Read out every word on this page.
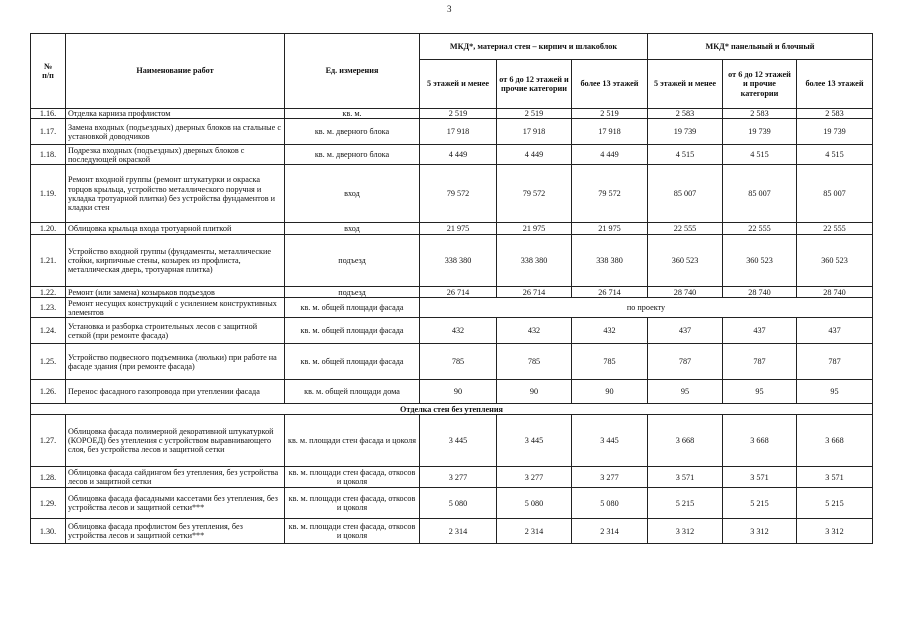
3
№
п/п	Наименование работ	Ед. измерения	МКД*, материал стен – кирпич и шлакоблок			МКД* панельный и блочный		
			5 этажей и менее	от 6 до 12 этажей и прочие категории	более 13 этажей	5 этажей и менее	от 6 до 12 этажей и прочие категории	более 13 этажей
1.16.	Отделка карниза профлистом	кв. м.	2 519	2 519	2 519	2 583	2 583	2 583
1.17.	Замена входных (подъездных) дверных блоков на стальные с установкой доводчиков	кв. м. дверного блока	17 918	17 918	17 918	19 739	19 739	19 739
1.18.	Подрезка входных (подъездных) дверных блоков с последующей окраской	кв. м. дверного блока	4 449	4 449	4 449	4 515	4 515	4 515
1.19.	Ремонт входной группы (ремонт штукатурки и окраска торцов крыльца, устройство металлического поручня и укладка тротуарной плитки) без устройства фундаментов и кладки стен	вход	79 572	79 572	79 572	85 007	85 007	85 007
1.20.	Облицовка крыльца входа тротуарной плиткой	вход	21 975	21 975	21 975	22 555	22 555	22 555
1.21.	Устройство входной группы (фундаменты, металлические стойки, кирпичные стены, козырек из профлиста, металлическая дверь, тротуарная плитка)	подъезд	338 380	338 380	338 380	360 523	360 523	360 523
1.22.	Ремонт (или замена) козырьков подъездов	подъезд	26 714	26 714	26 714	28 740	28 740	28 740
1.23.	Ремонт несущих конструкций с усилением конструктивных элементов	кв. м. общей площади фасада	по проекту					
1.24.	Установка и разборка строительных лесов с защитной сеткой (при ремонте фасада)	кв. м. общей площади фасада	432	432	432	437	437	437
1.25.	Устройство подвесного подъемника (люльки) при работе на фасаде здания (при ремонте фасада)	кв. м. общей площади фасада	785	785	785	787	787	787
1.26.	Перенос фасадного газопровода при утеплении фасада	кв. м. общей площади дома	90	90	90	95	95	95
Отделка стен без утепления								
1.27.	Облицовка фасада полимерной декоративной штукатуркой (КОРОЕД) без утепления с устройством выравнивающего слоя, без устройства лесов и защитной сетки	кв. м. площади стен фасада и цоколя	3 445	3 445	3 445	3 668	3 668	3 668
1.28.	Облицовка фасада сайдингом без утепления, без устройства лесов и защитной сетки	кв. м. площади стен фасада, откосов и цоколя	3 277	3 277	3 277	3 571	3 571	3 571
1.29.	Облицовка фасада фасадными кассетами без утепления, без устройства лесов и защитной сетки***	кв. м. площади стен фасада, откосов и цоколя	5 080	5 080	5 080	5 215	5 215	5 215
1.30.	Облицовка фасада профлистом без утепления, без устройства лесов и защитной сетки***	кв. м. площади стен фасада, откосов и цоколя	2 314	2 314	2 314	3 312	3 312	3 312
